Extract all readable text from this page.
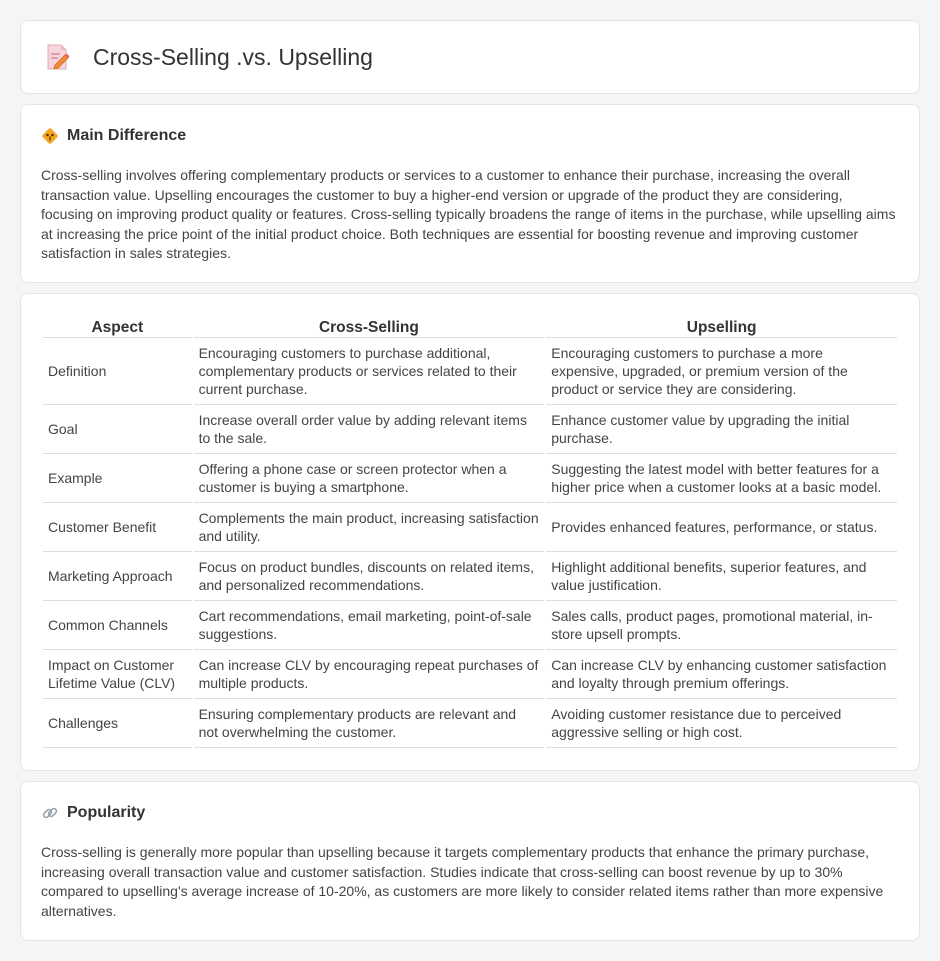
Cross-Selling .vs. Upselling
Main Difference

Cross-selling involves offering complementary products or services to a customer to enhance their purchase, increasing the overall transaction value. Upselling encourages the customer to buy a higher-end version or upgrade of the product they are considering, focusing on improving product quality or features. Cross-selling typically broadens the range of items in the purchase, while upselling aims at increasing the price point of the initial product choice. Both techniques are essential for boosting revenue and improving customer satisfaction in sales strategies.

Aspect	Cross-Selling	Upselling
Definition	Encouraging customers to purchase additional, complementary products or services related to their current purchase.	Encouraging customers to purchase a more expensive, upgraded, or premium version of the product or service they are considering.
Goal	Increase overall order value by adding relevant items to the sale.	Enhance customer value by upgrading the initial purchase.
Example	Offering a phone case or screen protector when a customer is buying a smartphone.	Suggesting the latest model with better features for a higher price when a customer looks at a basic model.
Customer Benefit	Complements the main product, increasing satisfaction and utility.	Provides enhanced features, performance, or status.
Marketing Approach	Focus on product bundles, discounts on related items, and personalized recommendations.	Highlight additional benefits, superior features, and value justification.
Common Channels	Cart recommendations, email marketing, point-of-sale suggestions.	Sales calls, product pages, promotional material, in-store upsell prompts.
Impact on Customer Lifetime Value (CLV)	Can increase CLV by encouraging repeat purchases of multiple products.	Can increase CLV by enhancing customer satisfaction and loyalty through premium offerings.
Challenges	Ensuring complementary products are relevant and not overwhelming the customer.	Avoiding customer resistance due to perceived aggressive selling or high cost.
Popularity

Cross-selling is generally more popular than upselling because it targets complementary products that enhance the primary purchase, increasing overall transaction value and customer satisfaction. Studies indicate that cross-selling can boost revenue by up to 30% compared to upselling's average increase of 10-20%, as customers are more likely to consider related items rather than more expensive alternatives.
